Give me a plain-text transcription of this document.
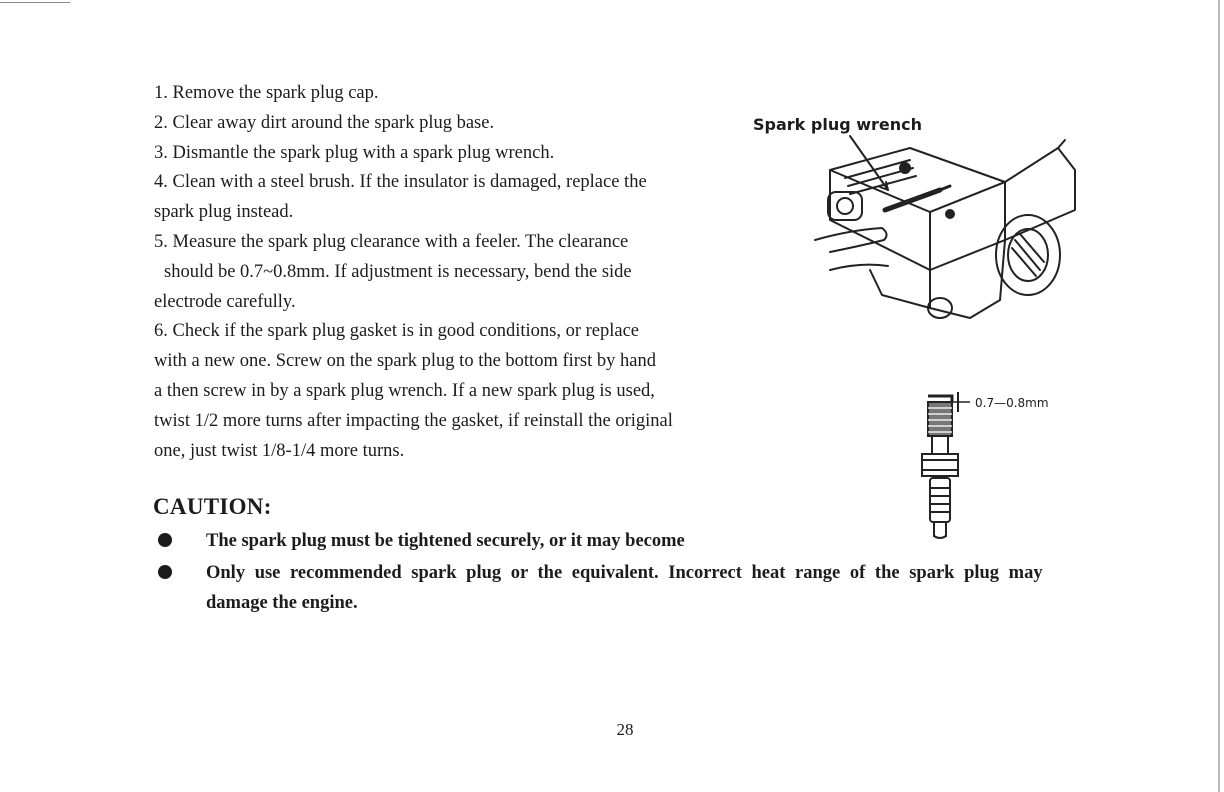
1. Remove the spark plug cap.
2. Clear away dirt around the spark plug base.
3. Dismantle the spark plug with a spark plug wrench.
4. Clean with a steel brush. If the insulator is damaged, replace the
spark plug instead.
5. Measure the spark plug clearance with a feeler. The clearance
should be 0.7~0.8mm. If adjustment is necessary, bend the side
electrode carefully.
6. Check if the spark plug gasket is in good conditions, or replace
with a new one. Screw on the spark plug to the bottom first by hand
a then screw in by a spark plug wrench. If a new spark plug is used,
twist 1/2 more turns after impacting the gasket, if reinstall the original
one, just twist 1/8-1/4 more turns.
CAUTION:
The spark plug must be tightened securely, or it may become
Only use recommended spark plug or the equivalent. Incorrect heat range of the spark plug may
damage the engine.
Spark plug wrench
0.7—0.8mm
28
